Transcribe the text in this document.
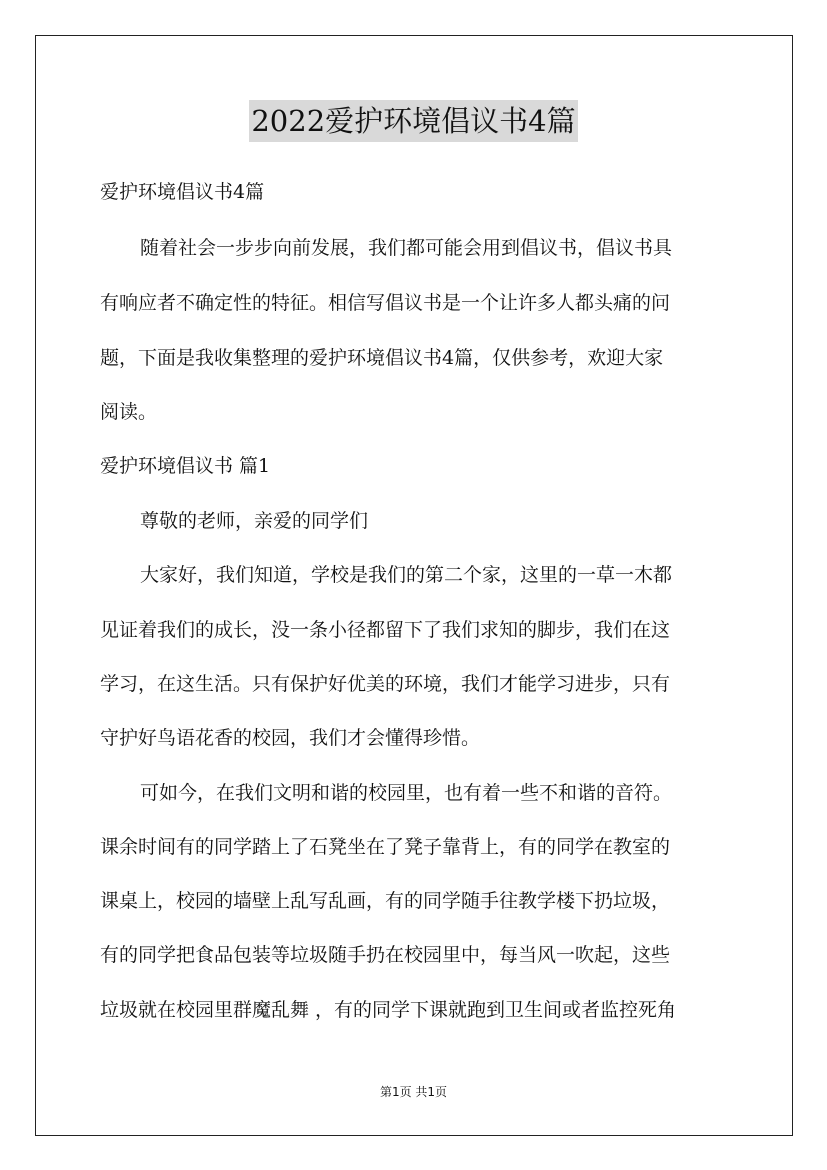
2022爱护环境倡议书4篇
爱护环境倡议书4篇
随着社会一步步向前发展，我们都可能会用到倡议书，倡议书具
有响应者不确定性的特征。相信写倡议书是一个让许多人都头痛的问
题，下面是我收集整理的爱护环境倡议书4篇，仅供参考，欢迎大家
阅读。
爱护环境倡议书 篇1
尊敬的老师，亲爱的同学们
大家好，我们知道，学校是我们的第二个家，这里的一草一木都
见证着我们的成长，没一条小径都留下了我们求知的脚步，我们在这
学习，在这生活。只有保护好优美的环境，我们才能学习进步，只有
守护好鸟语花香的校园，我们才会懂得珍惜。
可如今，在我们文明和谐的校园里，也有着一些不和谐的音符。
课余时间有的同学踏上了石凳坐在了凳子靠背上，有的同学在教室的
课桌上，校园的墙壁上乱写乱画，有的同学随手往教学楼下扔垃圾，
有的同学把食品包装等垃圾随手扔在校园里中，每当风一吹起，这些
垃圾就在校园里群魔乱舞 ，有的同学下课就跑到卫生间或者监控死角
第1页 共1页
